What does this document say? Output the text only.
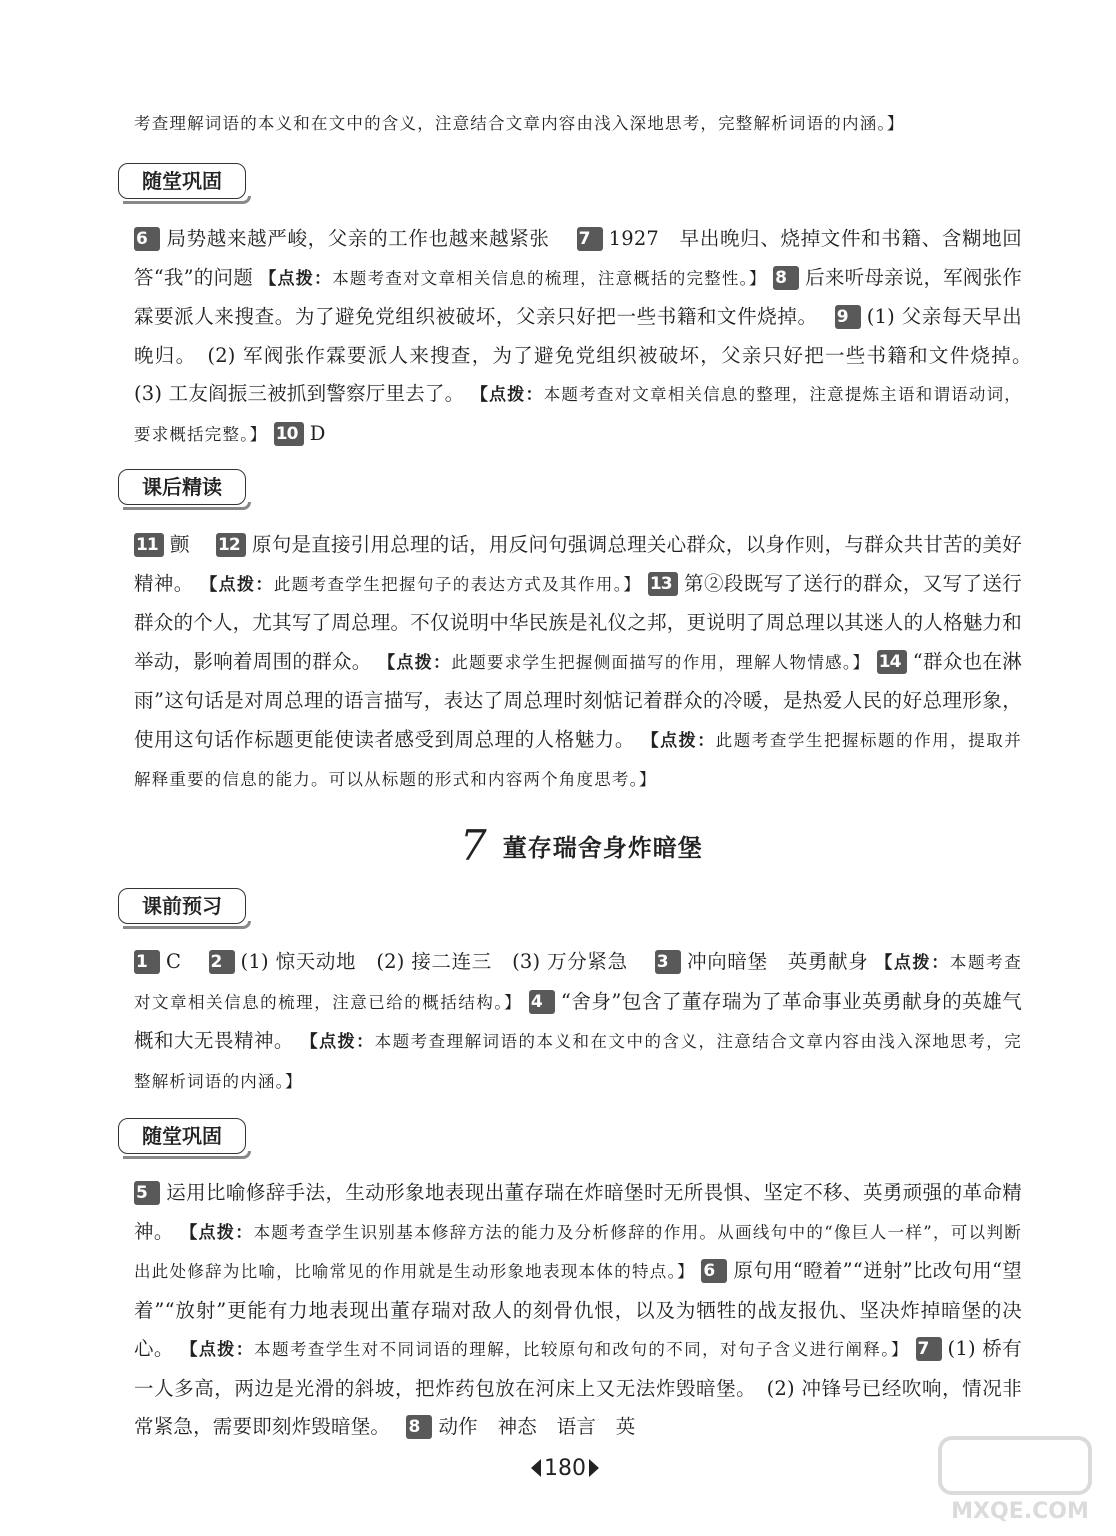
考查理解词语的本义和在文中的含义，注意结合文章内容由浅入深地思考，完整解析词语的内涵。】
随堂巩固
6 局势越来越严峻，父亲的工作也越来越紧张　 7 1927　早出晚归、烧掉文件和书籍、含糊地回答“我”的问题 【点拨：本题考查对文章相关信息的梳理，注意概括的完整性。】 8 后来听母亲说，军阀张作霖要派人来搜查。为了避免党组织被破坏，父亲只好把一些书籍和文件烧掉。　 9 (1) 父亲每天早出晚归。　(2) 军阀张作霖要派人来搜查，为了避免党组织被破坏，父亲只好把一些书籍和文件烧掉。　(3) 工友阎振三被抓到警察厅里去了。 【点拨：本题考查对文章相关信息的整理，注意提炼主语和谓语动词，要求概括完整。】 10 D
课后精读
11 颤　 12 原句是直接引用总理的话，用反问句强调总理关心群众，以身作则，与群众共甘苦的美好精神。 【点拨：此题考查学生把握句子的表达方式及其作用。】 13 第②段既写了送行的群众，又写了送行群众的个人，尤其写了周总理。不仅说明中华民族是礼仪之邦，更说明了周总理以其迷人的人格魅力和举动，影响着周围的群众。 【点拨：此题要求学生把握侧面描写的作用，理解人物情感。】 14 “群众也在淋雨”这句话是对周总理的语言描写，表达了周总理时刻惦记着群众的冷暖，是热爱人民的好总理形象，使用这句话作标题更能使读者感受到周总理的人格魅力。 【点拨：此题考查学生把握标题的作用，提取并解释重要的信息的能力。可以从标题的形式和内容两个角度思考。】
7 董存瑞舍身炸暗堡
课前预习
1 C　 2 (1) 惊天动地　(2) 接二连三　(3) 万分紧急　 3 冲向暗堡　英勇献身 【点拨：本题考查对文章相关信息的梳理，注意已给的概括结构。】 4 “舍身”包含了董存瑞为了革命事业英勇献身的英雄气概和大无畏精神。 【点拨：本题考查理解词语的本义和在文中的含义，注意结合文章内容由浅入深地思考，完整解析词语的内涵。】
随堂巩固
5 运用比喻修辞手法，生动形象地表现出董存瑞在炸暗堡时无所畏惧、坚定不移、英勇顽强的革命精神。 【点拨：本题考查学生识别基本修辞方法的能力及分析修辞的作用。从画线句中的“像巨人一样”，可以判断出此处修辞为比喻，比喻常见的作用就是生动形象地表现本体的特点。】 6 原句用“瞪着”“迸射”比改句用“望着”“放射”更能有力地表现出董存瑞对敌人的刻骨仇恨，以及为牺牲的战友报仇、坚决炸掉暗堡的决心。 【点拨：本题考查学生对不同词语的理解，比较原句和改句的不同，对句子含义进行阐释。】 7 (1) 桥有一人多高，两边是光滑的斜坡，把炸药包放在河床上又无法炸毁暗堡。　(2) 冲锋号已经吹响，情况非常紧急，需要即刻炸毁暗堡。　 8 动作　神态　语言　英
180
MXQE.COM
